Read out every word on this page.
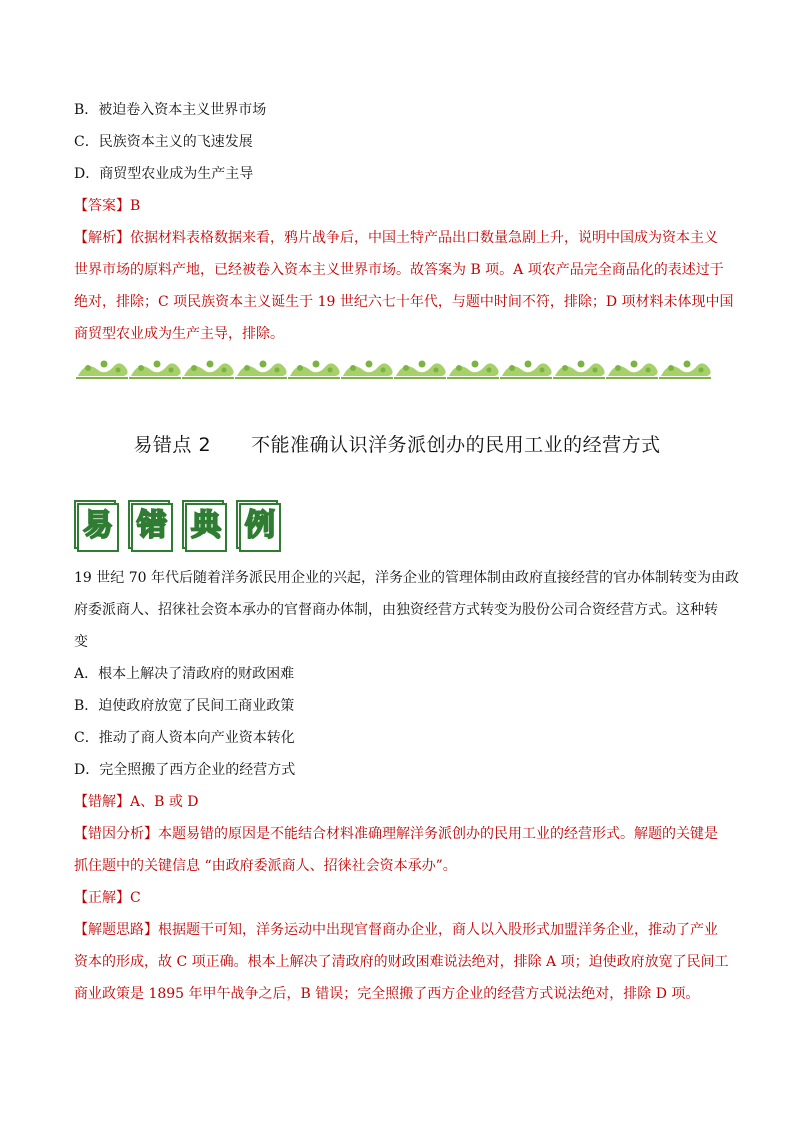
B．被迫卷入资本主义世界市场
C．民族资本主义的飞速发展
D．商贸型农业成为生产主导
【答案】B
【解析】依据材料表格数据来看，鸦片战争后，中国土特产品出口数量急剧上升，说明中国成为资本主义
世界市场的原料产地，已经被卷入资本主义世界市场。故答案为 B 项。A 项农产品完全商品化的表述过于
绝对，排除；C 项民族资本主义诞生于 19 世纪六七十年代，与题中时间不符，排除；D 项材料未体现中国
商贸型农业成为生产主导，排除。
易错点 2 不能准确认识洋务派创办的民用工业的经营方式
易 错 典 例
19 世纪 70 年代后随着洋务派民用企业的兴起，洋务企业的管理体制由政府直接经营的官办体制转变为由政
府委派商人、招徕社会资本承办的官督商办体制，由独资经营方式转变为股份公司合资经营方式。这种转
变
A．根本上解决了清政府的财政困难
B．迫使政府放宽了民间工商业政策
C．推动了商人资本向产业资本转化
D．完全照搬了西方企业的经营方式
【错解】A、B 或 D
【错因分析】本题易错的原因是不能结合材料准确理解洋务派创办的民用工业的经营形式。解题的关键是
抓住题中的关键信息 “由政府委派商人、招徕社会资本承办”。
【正解】C
【解题思路】根据题干可知，洋务运动中出现官督商办企业，商人以入股形式加盟洋务企业，推动了产业
资本的形成，故 C 项正确。根本上解决了清政府的财政困难说法绝对，排除 A 项；迫使政府放宽了民间工
商业政策是 1895 年甲午战争之后，B 错误；完全照搬了西方企业的经营方式说法绝对，排除 D 项。
